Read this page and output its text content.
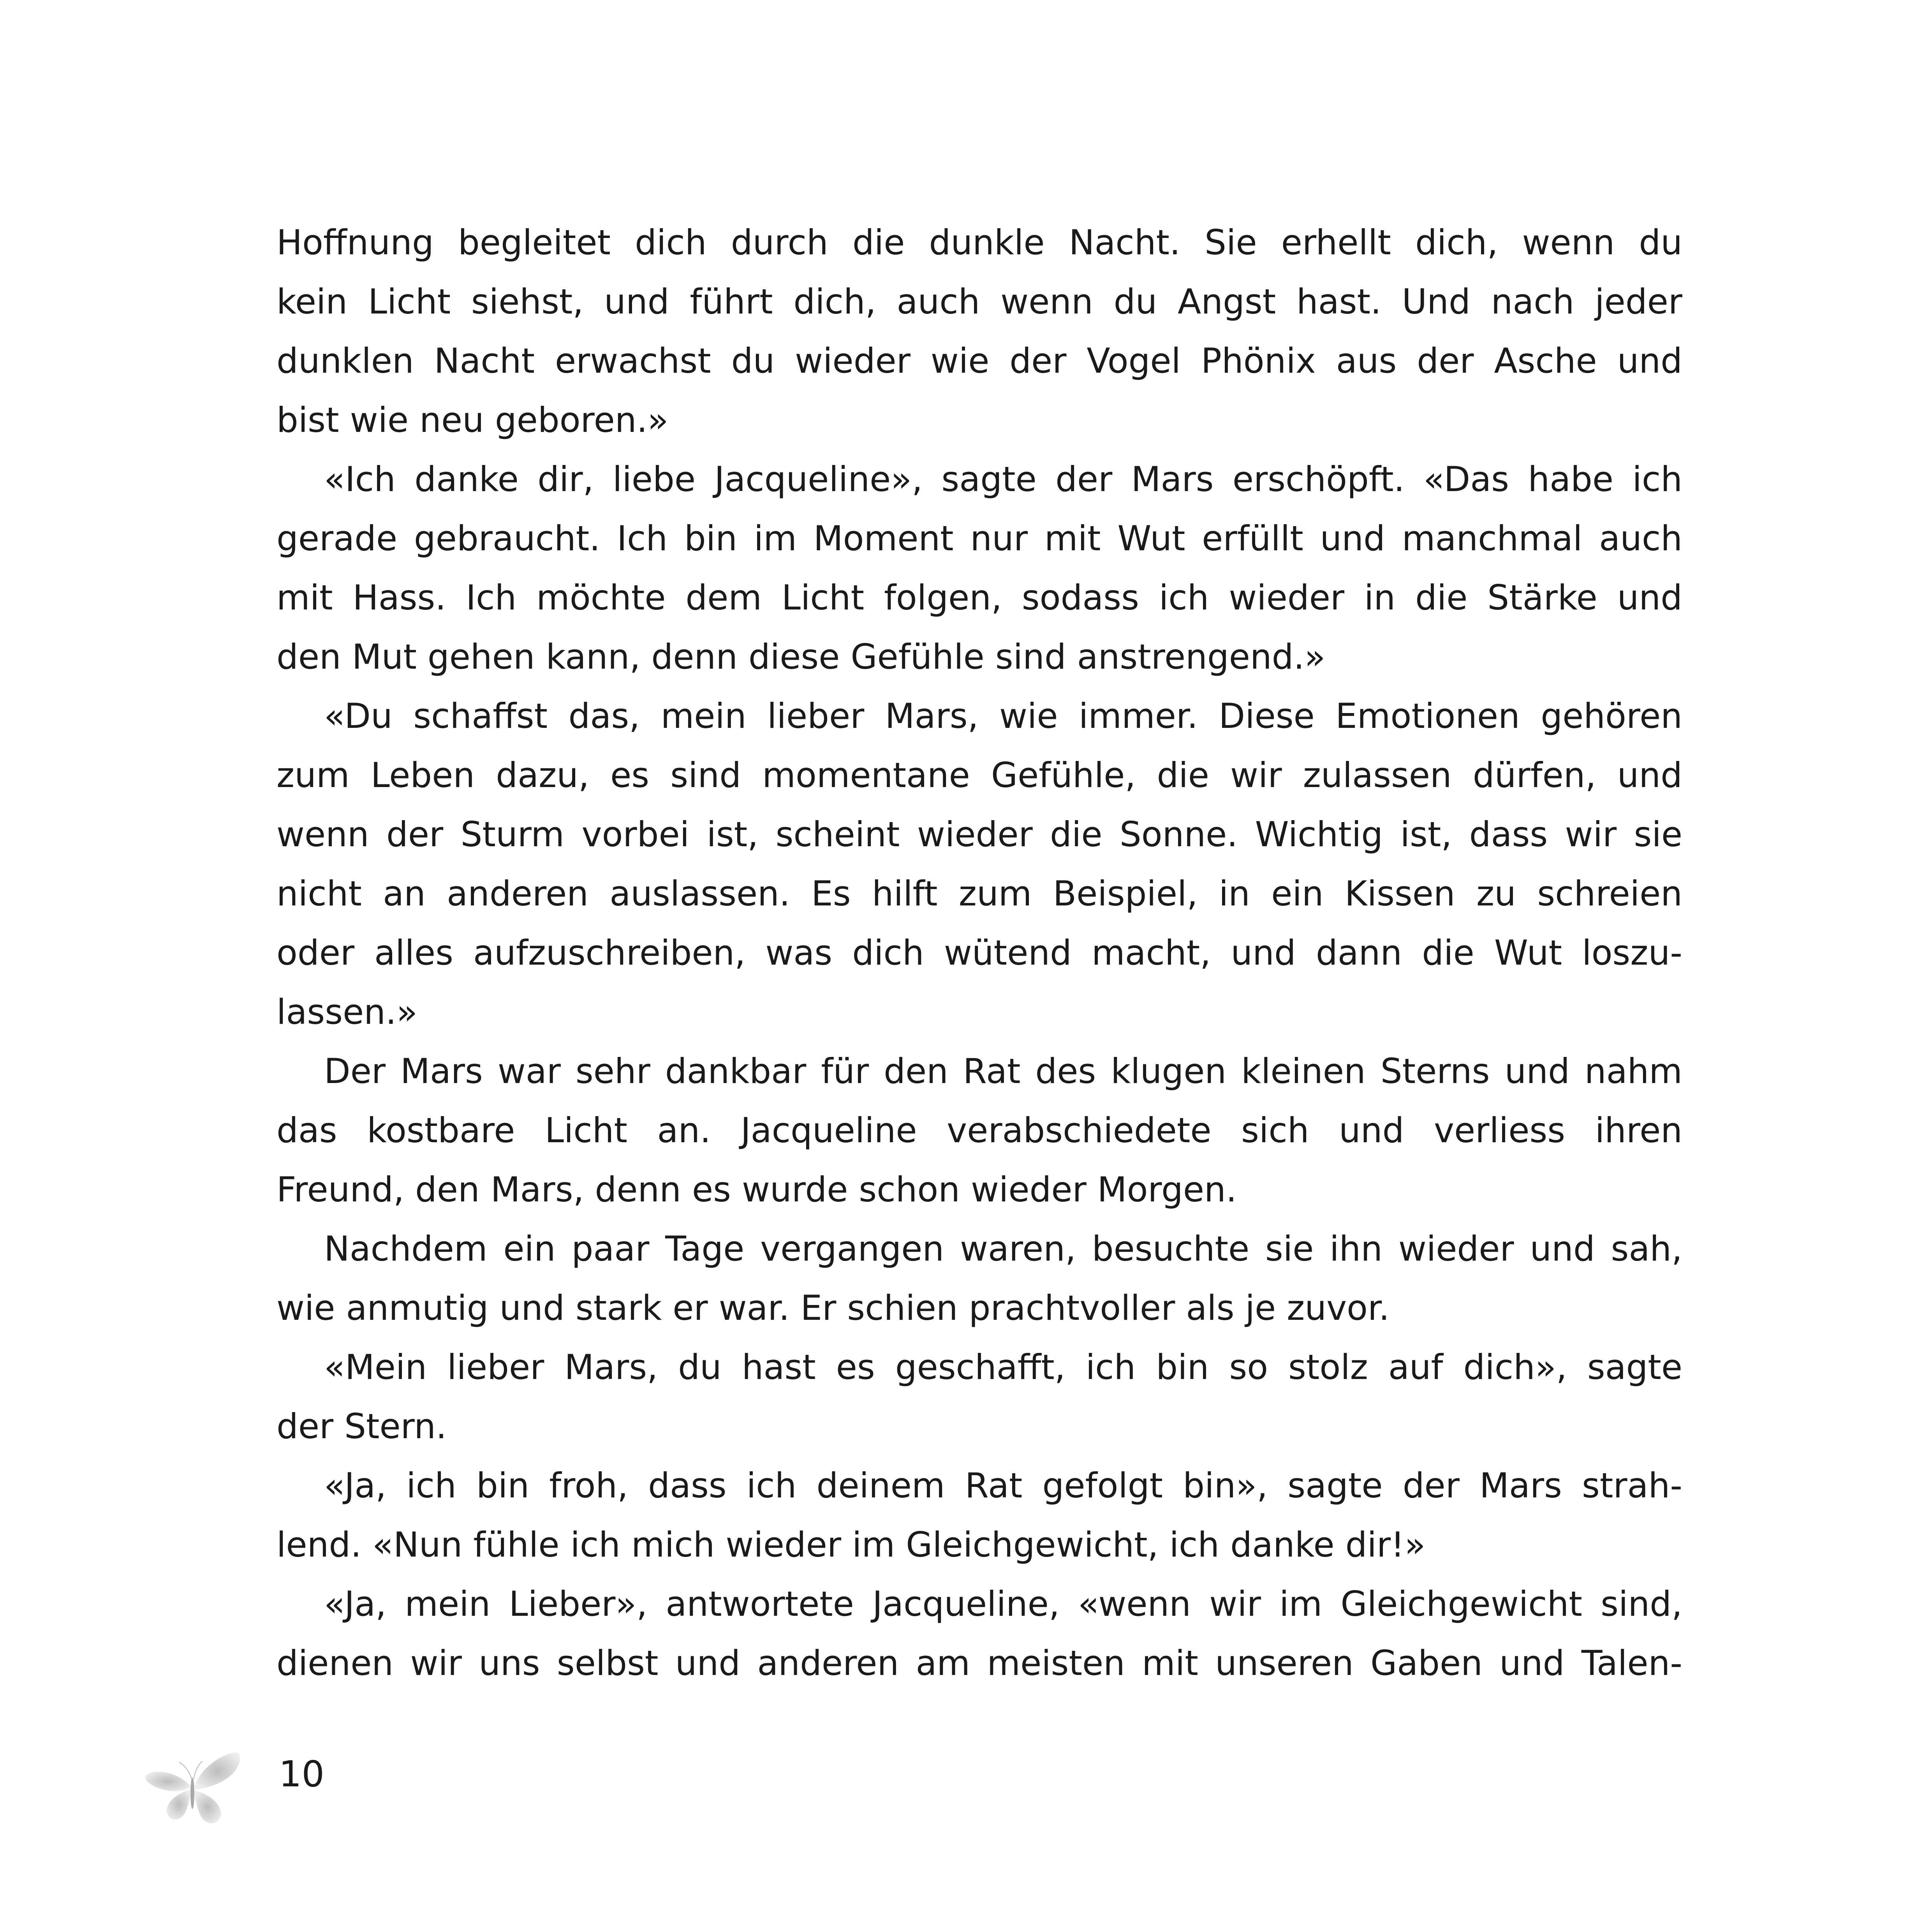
Hoffnung begleitet dich durch die dunkle Nacht. Sie erhellt dich, wenn du
kein Licht siehst, und führt dich, auch wenn du Angst hast. Und nach jeder
dunklen Nacht erwachst du wieder wie der Vogel Phönix aus der Asche und
bist wie neu geboren.»
«Ich danke dir, liebe Jacqueline», sagte der Mars erschöpft. «Das habe ich
gerade gebraucht. Ich bin im Moment nur mit Wut erfüllt und manchmal auch
mit Hass. Ich möchte dem Licht folgen, sodass ich wieder in die Stärke und
den Mut gehen kann, denn diese Gefühle sind anstrengend.»
«Du schaffst das, mein lieber Mars, wie immer. Diese Emotionen gehören
zum Leben dazu, es sind momentane Gefühle, die wir zulassen dürfen, und
wenn der Sturm vorbei ist, scheint wieder die Sonne. Wichtig ist, dass wir sie
nicht an anderen auslassen. Es hilft zum Beispiel, in ein Kissen zu schreien
oder alles aufzuschreiben, was dich wütend macht, und dann die Wut loszu-
lassen.»
Der Mars war sehr dankbar für den Rat des klugen kleinen Sterns und nahm
das kostbare Licht an. Jacqueline verabschiedete sich und verliess ihren
Freund, den Mars, denn es wurde schon wieder Morgen.
Nachdem ein paar Tage vergangen waren, besuchte sie ihn wieder und sah,
wie anmutig und stark er war. Er schien prachtvoller als je zuvor.
«Mein lieber Mars, du hast es geschafft, ich bin so stolz auf dich», sagte
der Stern.
«Ja, ich bin froh, dass ich deinem Rat gefolgt bin», sagte der Mars strah-
lend. «Nun fühle ich mich wieder im Gleichgewicht, ich danke dir!»
«Ja, mein Lieber», antwortete Jacqueline, «wenn wir im Gleichgewicht sind,
dienen wir uns selbst und anderen am meisten mit unseren Gaben und Talen-
10
